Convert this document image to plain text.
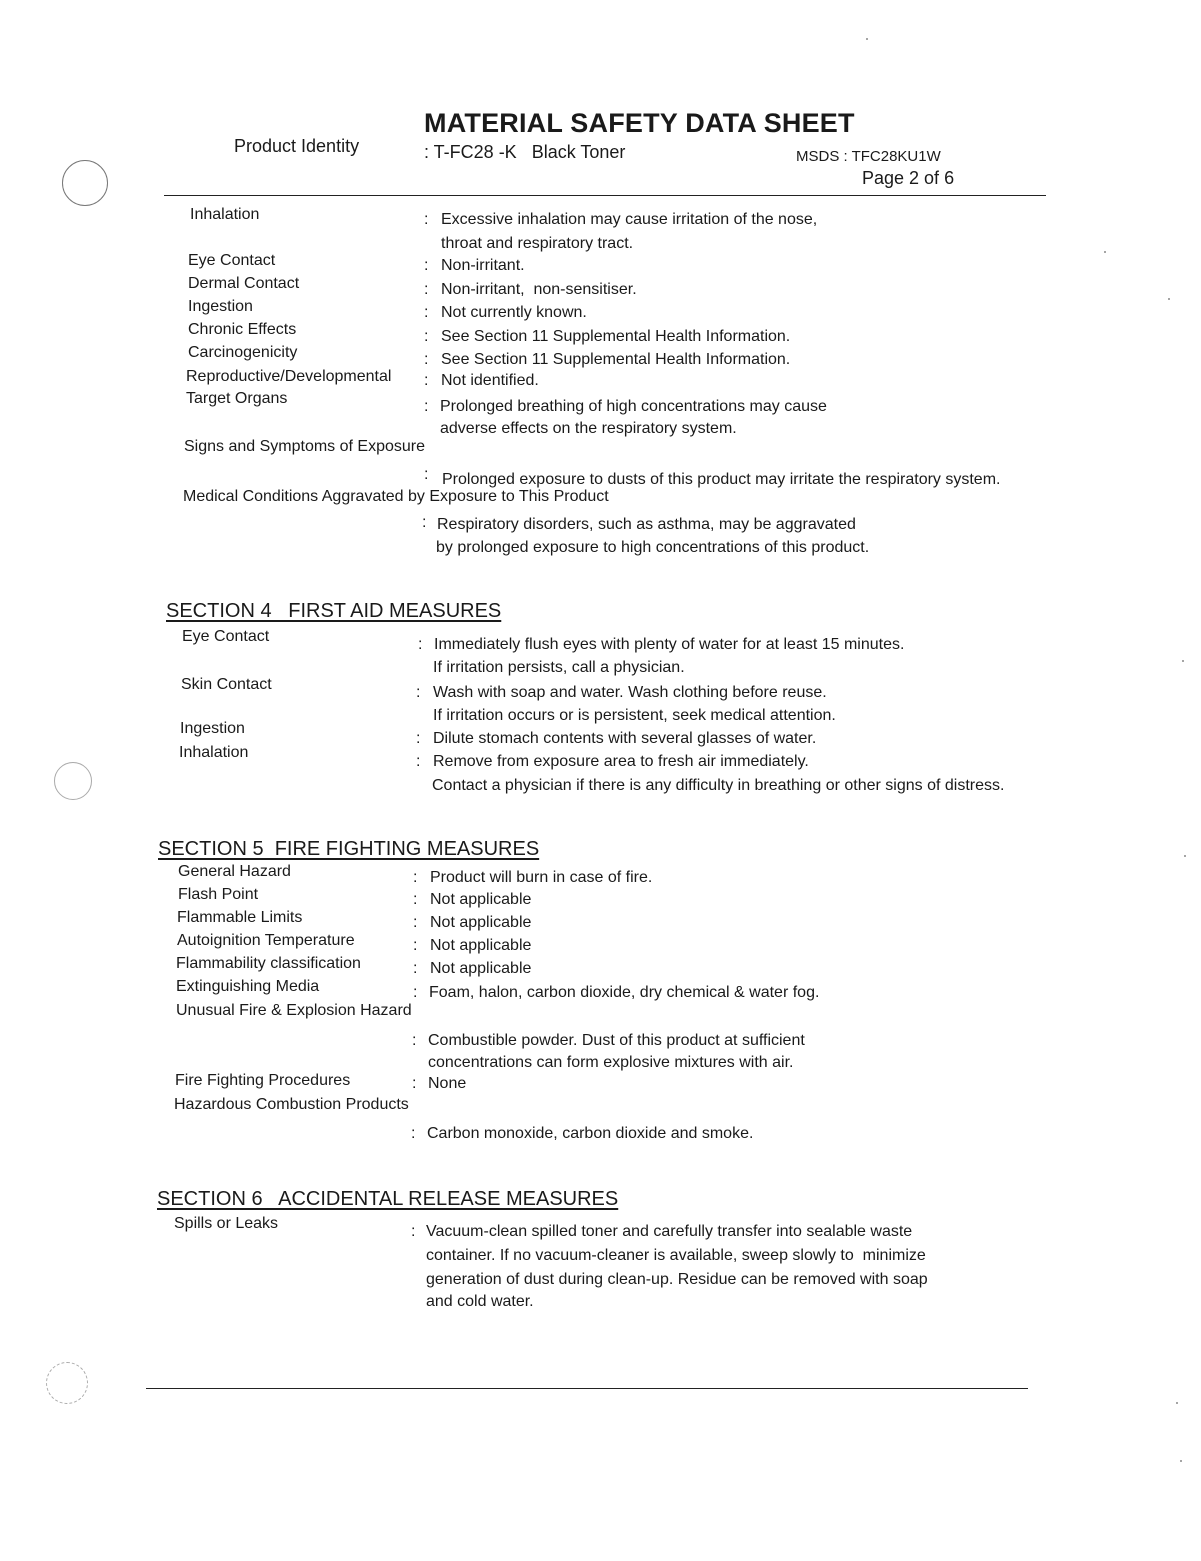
MATERIAL SAFETY DATA SHEET
Product Identity	: T-FC28 -K   Black Toner	MSDS : TFC28KU1W
Page 2 of 6
Inhalation	: Excessive inhalation may cause irritation of the nose,
throat and respiratory tract.
Eye Contact	: Non-irritant.
Dermal Contact	: Non-irritant,  non-sensitiser.
Ingestion	: Not currently known.
Chronic Effects	: See Section 11 Supplemental Health Information.
Carcinogenicity	: See Section 11 Supplemental Health Information.
Reproductive/Developmental : Not identified.
Target Organs	: Prolonged breathing of high concentrations may cause
adverse effects on the respiratory system.
Signs and Symptoms of Exposure
: Prolonged exposure to dusts of this product may irritate the respiratory system.
Medical Conditions Aggravated by Exposure to This Product
: Respiratory disorders, such as asthma, may be aggravated
by prolonged exposure to high concentrations of this product.
SECTION 4   FIRST AID MEASURES
Eye Contact	: Immediately flush eyes with plenty of water for at least 15 minutes.
If irritation persists, call a physician.
Skin Contact	: Wash with soap and water. Wash clothing before reuse.
If irritation occurs or is persistent, seek medical attention.
Ingestion
: Dilute stomach contents with several glasses of water.
Inhalation
: Remove from exposure area to fresh air immediately.
Contact a physician if there is any difficulty in breathing or other signs of distress.
SECTION 5  FIRE FIGHTING MEASURES
General Hazard	: Product will burn in case of fire.
Flash Point	: Not applicable
Flammable Limits	: Not applicable
Autoignition Temperature	: Not applicable
Flammability classification	: Not applicable
Extinguishing Media	: Foam, halon, carbon dioxide, dry chemical & water fog.
Unusual Fire & Explosion Hazard
: Combustible powder. Dust of this product at sufficient
concentrations can form explosive mixtures with air.
Fire Fighting Procedures	: None
Hazardous Combustion Products
: Carbon monoxide, carbon dioxide and smoke.
SECTION 6   ACCIDENTAL RELEASE MEASURES
Spills or Leaks	: Vacuum-clean spilled toner and carefully transfer into sealable waste
container. If no vacuum-cleaner is available, sweep slowly to  minimize
generation of dust during clean-up. Residue can be removed with soap
and cold water.
